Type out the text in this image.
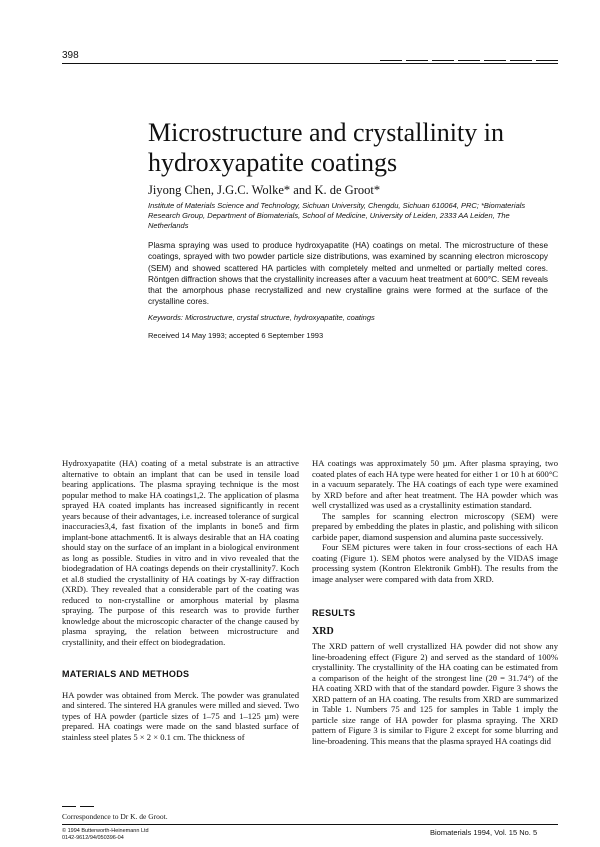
398
Microstructure and crystallinity in hydroxyapatite coatings
Jiyong Chen, J.G.C. Wolke* and K. de Groot*
Institute of Materials Science and Technology, Sichuan University, Chengdu, Sichuan 610064, PRC; *Biomaterials Research Group, Department of Biomaterials, School of Medicine, University of Leiden, 2333 AA Leiden, The Netherlands
Plasma spraying was used to produce hydroxyapatite (HA) coatings on metal. The microstructure of these coatings, sprayed with two powder particle size distributions, was examined by scanning electron microscopy (SEM) and showed scattered HA particles with completely melted and unmelted or partially melted cores. Röntgen diffraction shows that the crystallinity increases after a vacuum heat treatment at 600°C. SEM reveals that the amorphous phase recrystallized and new crystalline grains were formed at the surface of the crystalline cores.
Keywords: Microstructure, crystal structure, hydroxyapatite, coatings
Received 14 May 1993; accepted 6 September 1993

Hydroxyapatite (HA) coating of a metal substrate is an attractive alternative to obtain an implant that can be used in tensile load bearing applications. The plasma spraying technique is the most popular method to make HA coatings1,2. The application of plasma sprayed HA coated implants has increased significantly in recent years because of their advantages, i.e. increased tolerance of surgical inaccuracies3,4, fast fixation of the implants in bone5 and firm implant-bone attachment6. It is always desirable that an HA coating should stay on the surface of an implant in a biological environment as long as possible. Studies in vitro and in vivo revealed that the biodegradation of HA coatings depends on their crystallinity7. Koch et al.8 studied the crystallinity of HA coatings by X-ray diffraction (XRD). They revealed that a considerable part of the coating was reduced to non-crystalline or amorphous material by plasma spraying. The purpose of this research was to provide further knowledge about the microscopic character of the change caused by plasma spraying, the relation between microstructure and crystallinity, and their effect on biodegradation.

MATERIALS AND METHODS

HA powder was obtained from Merck. The powder was granulated and sintered. The sintered HA granules were milled and sieved. Two types of HA powder (particle sizes of 1–75 and 1–125 µm) were prepared. HA coatings were made on the sand blasted surface of stainless steel plates 5 × 2 × 0.1 cm. The thickness of

HA coatings was approximately 50 µm. After plasma spraying, two coated plates of each HA type were heated for either 1 or 10 h at 600°C in a vacuum separately. The HA coatings of each type were examined by XRD before and after heat treatment. The HA powder which was well crystallized was used as a crystallinity estimation standard.

The samples for scanning electron microscopy (SEM) were prepared by embedding the plates in plastic, and polishing with silicon carbide paper, diamond suspension and alumina paste successively.

Four SEM pictures were taken in four cross-sections of each HA coating (Figure 1). SEM photos were analysed by the VIDAS image processing system (Kontron Elektronik GmbH). The results from the image analyser were compared with data from XRD.

RESULTS
XRD

The XRD pattern of well crystallized HA powder did not show any line-broadening effect (Figure 2) and served as the standard of 100% crystallinity. The crystallinity of the HA coating can be estimated from a comparison of the height of the strongest line (2θ = 31.74°) of the HA coating XRD with that of the standard powder. Figure 3 shows the XRD pattern of an HA coating. The results from XRD are summarized in Table 1. Numbers 75 and 125 for samples in Table 1 imply the particle size range of HA powder for plasma spraying. The XRD pattern of Figure 3 is similar to Figure 2 except for some blurring and line-broadening. This means that the plasma sprayed HA coatings did

Correspondence to Dr K. de Groot.
© 1994 Butterworth-Heinemann Ltd
0142-9612/94/050396-04
Biomaterials 1994, Vol. 15 No. 5
